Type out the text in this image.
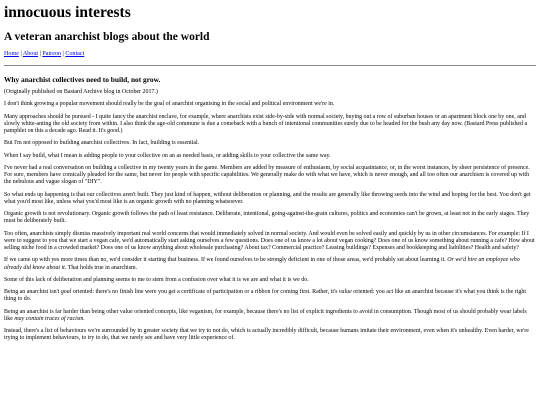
innocuous interests
A veteran anarchist blogs about the world
Home | About | Patreon | Contact
Why anarchist collectives need to build, not grow.

(Originally published on Bastard Archive blog in October 2017.)

I don't think growing a popular movement should really be the goal of anarchist organising in the social and political environment we're in.

Many approaches should be pursued - I quite fancy the anarchist enclave, for example, where anarchists exist side-by-side with normal society, buying out a row of suburban houses or an apartment block one by one, and slowly white-anting the old society from within. I also think the age-old commune is due a comeback with a bunch of intentional communities surely due to be headed for the bush any day now. (Bastard Press published a pamphlet on this a decade ago. Read it. It's good.)

But I'm not opposed to building anarchist collectives. In fact, building is essential.

When I say build, what I mean is adding people to your collective on an as needed basis, or adding skills to your collective the same way.

I've never had a real conversation on building a collective in my twenty years in the game. Members are added by measure of enthusiasm, by social acquaintance, or, in the worst instances, by sheer persistence of presence. For sure, members have comically pleaded for the same, but never for people with specific capabilities. We generally make do with what we have, which is never enough, and all too often our anarchism is covered up with the nebulous and vague slogan of "DIY".

So what ends up happening is that our collectives aren't built. They just kind of happen, without deliberation or planning, and the results are generally like throwing seeds into the wind and hoping for the best. You don't get what you'd most like, unless what you'd most like is an organic growth with no planning whatsoever.

Organic growth is not revolutionary. Organic growth follows the path of least resistance. Deliberate, intentional, going-against-the-grain cultures, politics and economies can't be grown, at least not in the early stages. They must be deliberately built.

Too often, anarchists simply dismiss massively important real world concerns that would immediately solved in normal society. And would even be solved easily and quickly by us in other circumstances. For example: If I were to suggest to you that we start a vegan cafe, we'd automatically start asking ourselves a few questions. Does one of us know a lot about vegan cooking? Does one of us know something about running a cafe? How about selling niche food in a crowded market? Does one of us know anything about wholesale purchasing? About tax? Commercial practice? Leasing buildings? Expenses and bookkeeping and liabilities? Health and safety?

If we came up with yes more times than no, we'd consider it starting that business. If we found ourselves to be strongly deficient in one of those areas, we'd probably set about learning it. Or we'd hire an employee who already did know about it. That holds true in anarchism.

Some of this lack of deliberation and planning seems to me to stem from a confusion over what it is we are and what it is we do.

Being an anarchist isn't goal oriented: there's no finish line were you get a certificate of participation or a ribbon for coming first. Rather, it's value oriented: you act like an anarchist because it's what you think is the right thing to do.

Being an anarchist is far harder than being other value oriented concepts, like veganism, for example, because there's no list of explicit ingredients to avoid in consumption. Though most of us should probably wear labels like may contain traces of racism.

Instead, there's a list of behaviours we're surrounded by in greater society that we try to not do, which is actually incredibly difficult, because humans imitate their environment, even when it's unhealthy. Even harder, we're trying to implement behaviours, to try to do, that we rarely see and have very little experience of.
